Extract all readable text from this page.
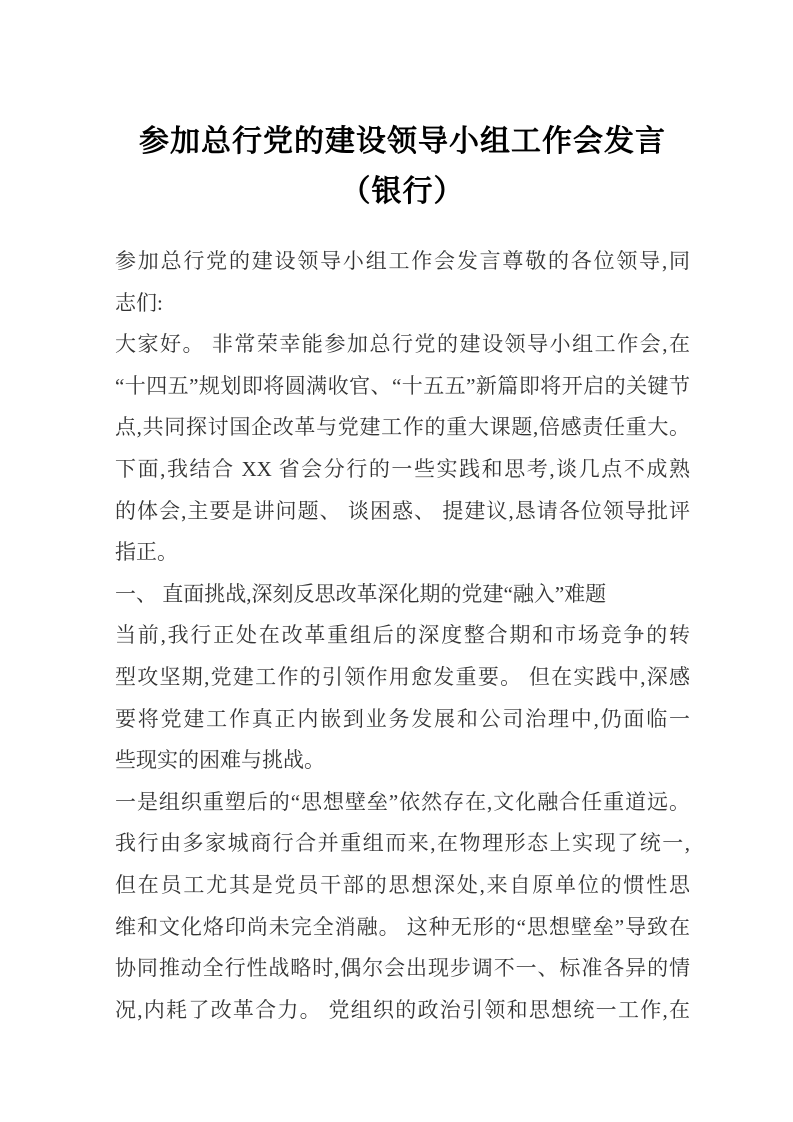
参加总行党的建设领导小组工作会发言（银行）
参加总行党的建设领导小组工作会发言尊敬的各位领导,同
志们:
大家好。 非常荣幸能参加总行党的建设领导小组工作会,在
“十四五”规划即将圆满收官、“十五五”新篇即将开启的关键节
点,共同探讨国企改革与党建工作的重大课题,倍感责任重大。
下面,我结合 XX 省会分行的一些实践和思考,谈几点不成熟
的体会,主要是讲问题、 谈困惑、 提建议,恳请各位领导批评
指正。
一、 直面挑战,深刻反思改革深化期的党建“融入”难题
当前,我行正处在改革重组后的深度整合期和市场竞争的转
型攻坚期,党建工作的引领作用愈发重要。 但在实践中,深感
要将党建工作真正内嵌到业务发展和公司治理中,仍面临一
些现实的困难与挑战。
一是组织重塑后的“思想壁垒”依然存在,文化融合任重道远。
我行由多家城商行合并重组而来,在物理形态上实现了统一,
但在员工尤其是党员干部的思想深处,来自原单位的惯性思
维和文化烙印尚未完全消融。 这种无形的“思想壁垒”导致在
协同推动全行性战略时,偶尔会出现步调不一、标准各异的情
况,内耗了改革合力。 党组织的政治引领和思想统一工作,在
